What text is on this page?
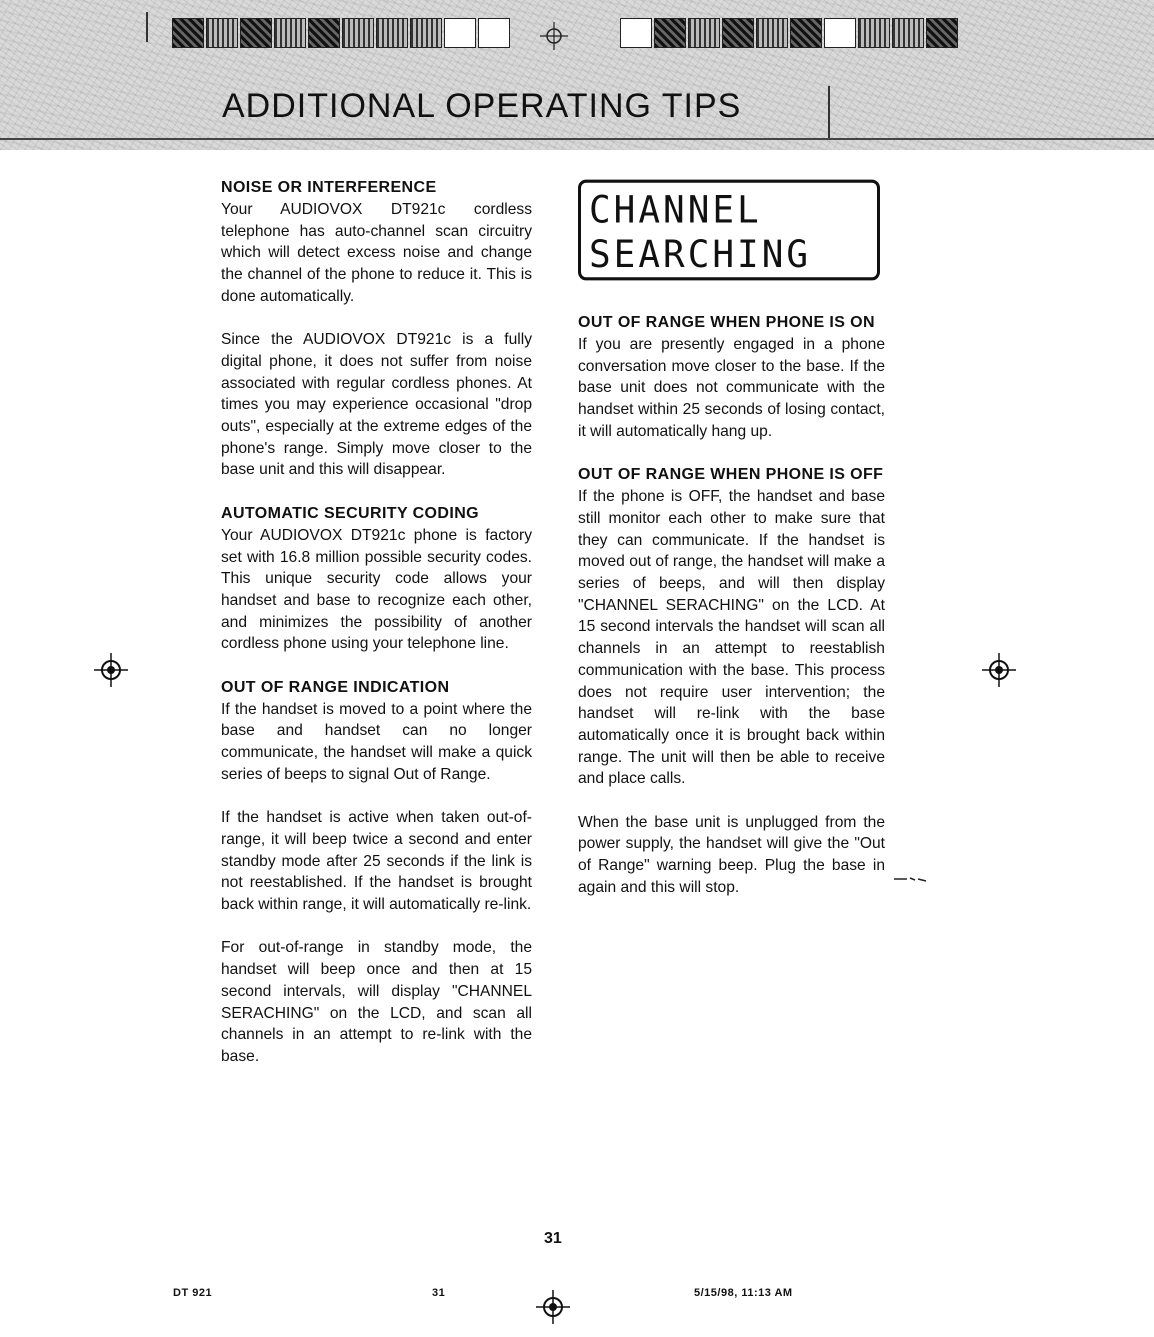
ADDITIONAL OPERATING TIPS
NOISE OR INTERFERENCE

Your AUDIOVOX DT921c cordless telephone has auto-channel scan circuitry which will detect excess noise and change the channel of the phone to reduce it. This is done automatically.

Since the AUDIOVOX DT921c is a fully digital phone, it does not suffer from noise associated with regular cordless phones. At times you may experience occasional "drop outs", especially at the extreme edges of the phone's range. Simply move closer to the base unit and this will disappear.

AUTOMATIC SECURITY CODING

Your AUDIOVOX DT921c phone is factory set with 16.8 million possible security codes. This unique security code allows your handset and base to recognize each other, and minimizes the possibility of another cordless phone using your telephone line.

OUT OF RANGE INDICATION

If the handset is moved to a point where the base and handset can no longer communicate, the handset will make a quick series of beeps to signal Out of Range.

If the handset is active when taken out-of-range, it will beep twice a second and enter standby mode after 25 seconds if the link is not reestablished. If the handset is brought back within range, it will automatically re-link.

For out-of-range in standby mode, the handset will beep once and then at 15 second intervals, will display "CHANNEL SERACHING" on the LCD, and scan all channels in an attempt to re-link with the base.

CHANNEL
SEARCHING
OUT OF RANGE WHEN PHONE IS ON

If you are presently engaged in a phone conversation move closer to the base. If the base unit does not communicate with the handset within 25 seconds of losing contact, it will automatically hang up.

OUT OF RANGE WHEN PHONE IS OFF

If the phone is OFF, the handset and base still monitor each other to make sure that they can communicate. If the handset is moved out of range, the handset will make a series of beeps, and will then display "CHANNEL SERACHING" on the LCD. At 15 second intervals the handset will scan all channels in an attempt to reestablish communication with the base. This process does not require user intervention; the handset will re-link with the base automatically once it is brought back within range. The unit will then be able to receive and place calls.

When the base unit is unplugged from the power supply, the handset will give the "Out of Range" warning beep. Plug the base in again and this will stop.

31
DT 921	31	5/15/98, 11:13 AM
